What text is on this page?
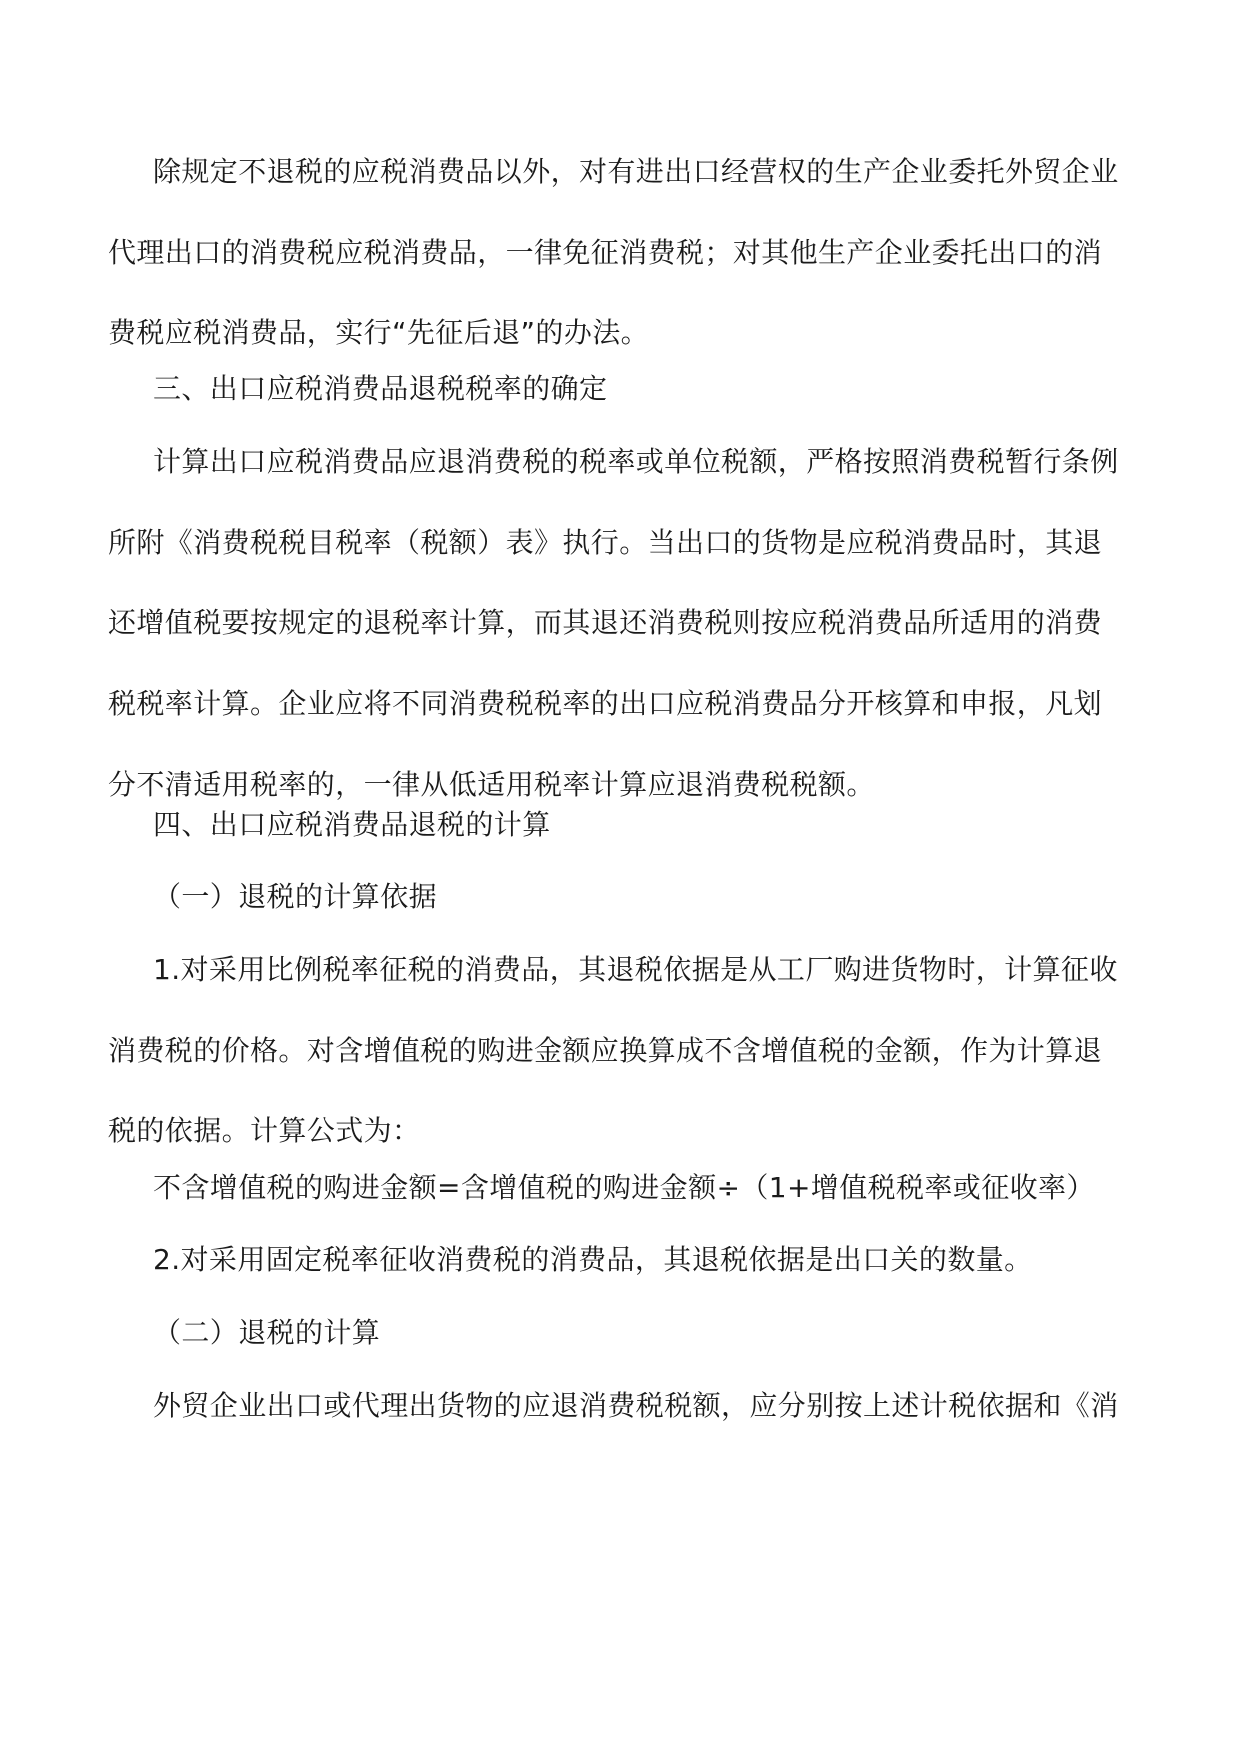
除规定不退税的应税消费品以外，对有进出口经营权的生产企业委托外贸企业
代理出口的消费税应税消费品，一律免征消费税；对其他生产企业委托出口的消
费税应税消费品，实行“先征后退”的办法。
三、出口应税消费品退税税率的确定
计算出口应税消费品应退消费税的税率或单位税额，严格按照消费税暂行条例
所附《消费税税目税率（税额）表》执行。当出口的货物是应税消费品时，其退
还增值税要按规定的退税率计算，而其退还消费税则按应税消费品所适用的消费
税税率计算。企业应将不同消费税税率的出口应税消费品分开核算和申报，凡划
分不清适用税率的，一律从低适用税率计算应退消费税税额。
四、出口应税消费品退税的计算
（一）退税的计算依据
1.对采用比例税率征税的消费品，其退税依据是从工厂购进货物时，计算征收
消费税的价格。对含增值税的购进金额应换算成不含增值税的金额，作为计算退
税的依据。计算公式为：
不含增值税的购进金额=含增值税的购进金额÷（1+增值税税率或征收率）
2.对采用固定税率征收消费税的消费品，其退税依据是出口关的数量。
（二）退税的计算
外贸企业出口或代理出货物的应退消费税税额，应分别按上述计税依据和《消
